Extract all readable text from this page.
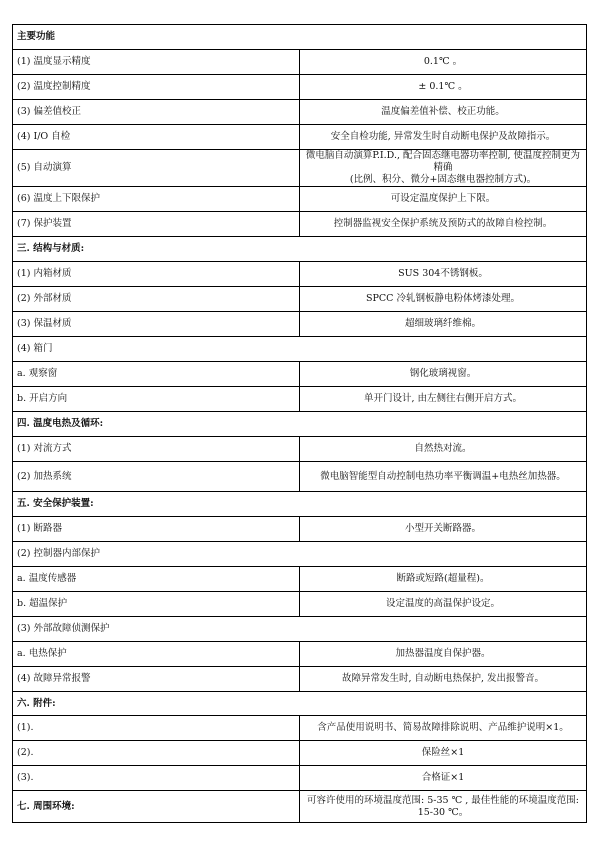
主要功能	
(1) 温度显示精度	0.1℃ 。
(2) 温度控制精度	± 0.1℃ 。
(3) 偏差值校正	温度偏差值补偿、校正功能。
(4) I/O 自检	安全自检功能, 异常发生时自动断电保护及故障指示。
(5) 自动演算	微电脑自动演算P.I.D., 配合固态继电器功率控制, 使温度控制更为精确
(比例、积分、微分+固态继电器控制方式)。

(6) 温度上下限保护	可设定温度保护上下限。
(7) 保护装置	控制器监视安全保护系统及预防式的故障自检控制。
三. 结构与材质:	
(1) 内箱材质	SUS 304不锈钢板。
(2) 外部材质	SPCC 冷轧钢板静电粉体烤漆处理。
(3) 保温材质	超细玻璃纤维棉。
(4) 箱门	
a. 观察窗	钢化玻璃视窗。
b. 开启方向	单开门设计, 由左侧往右侧开启方式。
四. 温度电热及循环:	
(1) 对流方式	自然热对流。
(2) 加热系统	微电脑智能型自动控制电热功率平衡调温+电热丝加热器。
五. 安全保护装置:	
(1) 断路器	小型开关断路器。
(2) 控制器内部保护	
a. 温度传感器	断路或短路(超量程)。
b. 超温保护	设定温度的高温保护设定。
(3) 外部故障侦测保护	
a. 电热保护	加热器温度自保护器。
(4) 故障异常报警	故障异常发生时, 自动断电热保护, 发出报警音。
六. 附件:	
(1).	含产品使用说明书、简易故障排除说明、产品维护说明×1。
(2).	保险丝×1
(3).	合格证×1
七. 周围环境:	可容许使用的环境温度范围: 5-35 ℃ , 最佳性能的环境温度范围: 15-30 ℃。
